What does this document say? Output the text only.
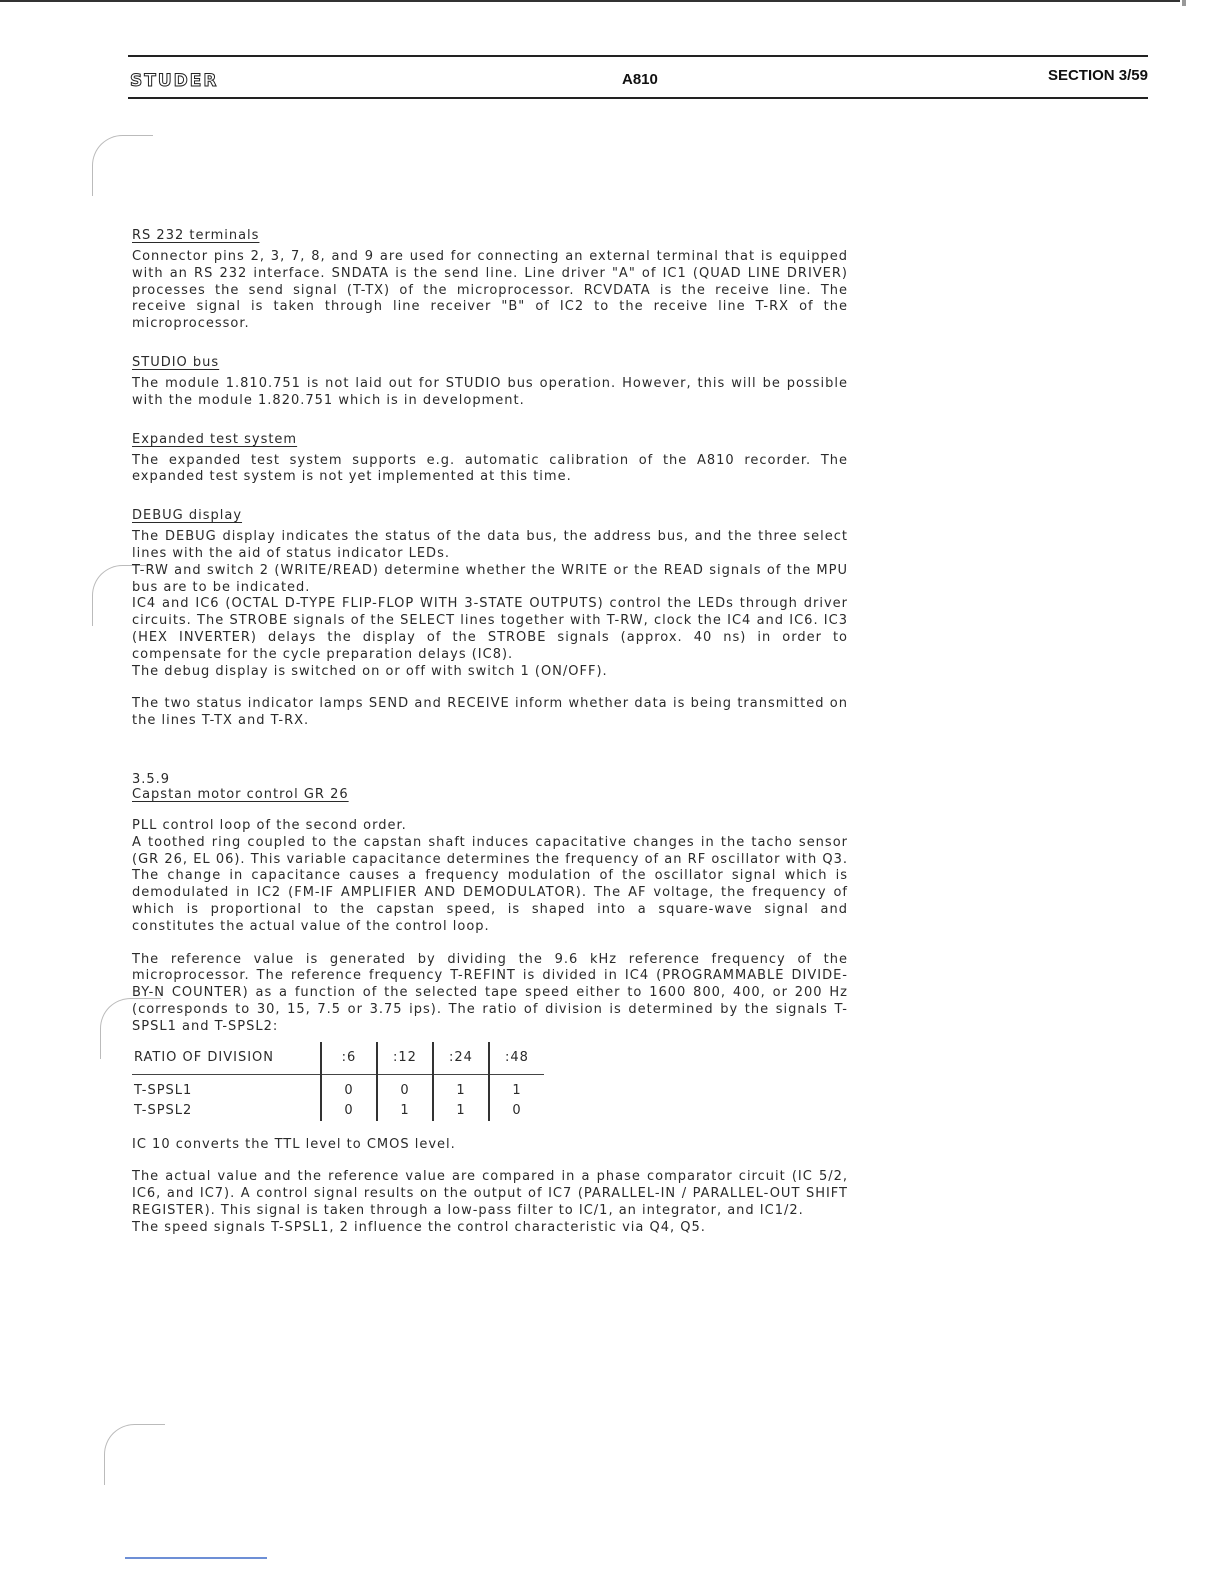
STUDER	A810	SECTION 3/59
RS 232 terminals

Connector pins 2, 3, 7, 8, and 9 are used for connecting an external terminal that is equipped with an RS 232 interface. SNDATA is the send line. Line driver "A" of IC1 (QUAD LINE DRIVER) processes the send signal (T-TX) of the microprocessor. RCVDATA is the receive line. The receive signal is taken through line receiver "B" of IC2 to the receive line T-RX of the microprocessor.

STUDIO bus

The module 1.810.751 is not laid out for STUDIO bus operation. However, this will be possible with the module 1.820.751 which is in development.

Expanded test system

The expanded test system supports e.g. automatic calibration of the A810 recorder. The expanded test system is not yet implemented at this time.

DEBUG display

The DEBUG display indicates the status of the data bus, the address bus, and the three select lines with the aid of status indicator LEDs.

T-RW and switch 2 (WRITE/READ) determine whether the WRITE or the READ signals of the MPU bus are to be indicated.

IC4 and IC6 (OCTAL D-TYPE FLIP-FLOP WITH 3-STATE OUTPUTS) control the LEDs through driver circuits. The STROBE signals of the SELECT lines together with T-RW, clock the IC4 and IC6. IC3 (HEX INVERTER) delays the display of the STROBE signals (approx. 40 ns) in order to compensate for the cycle preparation delays (IC8).

The debug display is switched on or off with switch 1 (ON/OFF).

The two status indicator lamps SEND and RECEIVE inform whether data is being transmitted on the lines T-TX and T-RX.

3.5.9
Capstan motor control GR 26

PLL control loop of the second order.

A toothed ring coupled to the capstan shaft induces capacitative changes in the tacho sensor (GR 26, EL 06). This variable capacitance determines the frequency of an RF oscillator with Q3. The change in capacitance causes a frequency modulation of the oscillator signal which is demodulated in IC2 (FM-IF AMPLIFIER AND DEMODULATOR). The AF voltage, the frequency of which is proportional to the capstan speed, is shaped into a square-wave signal and constitutes the actual value of the control loop.

The reference value is generated by dividing the 9.6 kHz reference frequency of the microprocessor. The reference frequency T-REFINT is divided in IC4 (PROGRAMMABLE DIVIDE-BY-N COUNTER) as a function of the selected tape speed either to 1600 800, 400, or 200 Hz (corresponds to 30, 15, 7.5 or 3.75 ips). The ratio of division is determined by the signals T-SPSL1 and T-SPSL2:

RATIO OF DIVISION	:6	:12	:24	:48

T-SPSL1	0	0	1	1
T-SPSL2	0	1	1	0

IC 10 converts the TTL level to CMOS level.

The actual value and the reference value are compared in a phase comparator circuit (IC 5/2, IC6, and IC7). A control signal results on the output of IC7 (PARALLEL-IN / PARALLEL-OUT SHIFT REGISTER). This signal is taken through a low-pass filter to IC/1, an integrator, and IC1/2.

The speed signals T-SPSL1, 2 influence the control characteristic via Q4, Q5.
